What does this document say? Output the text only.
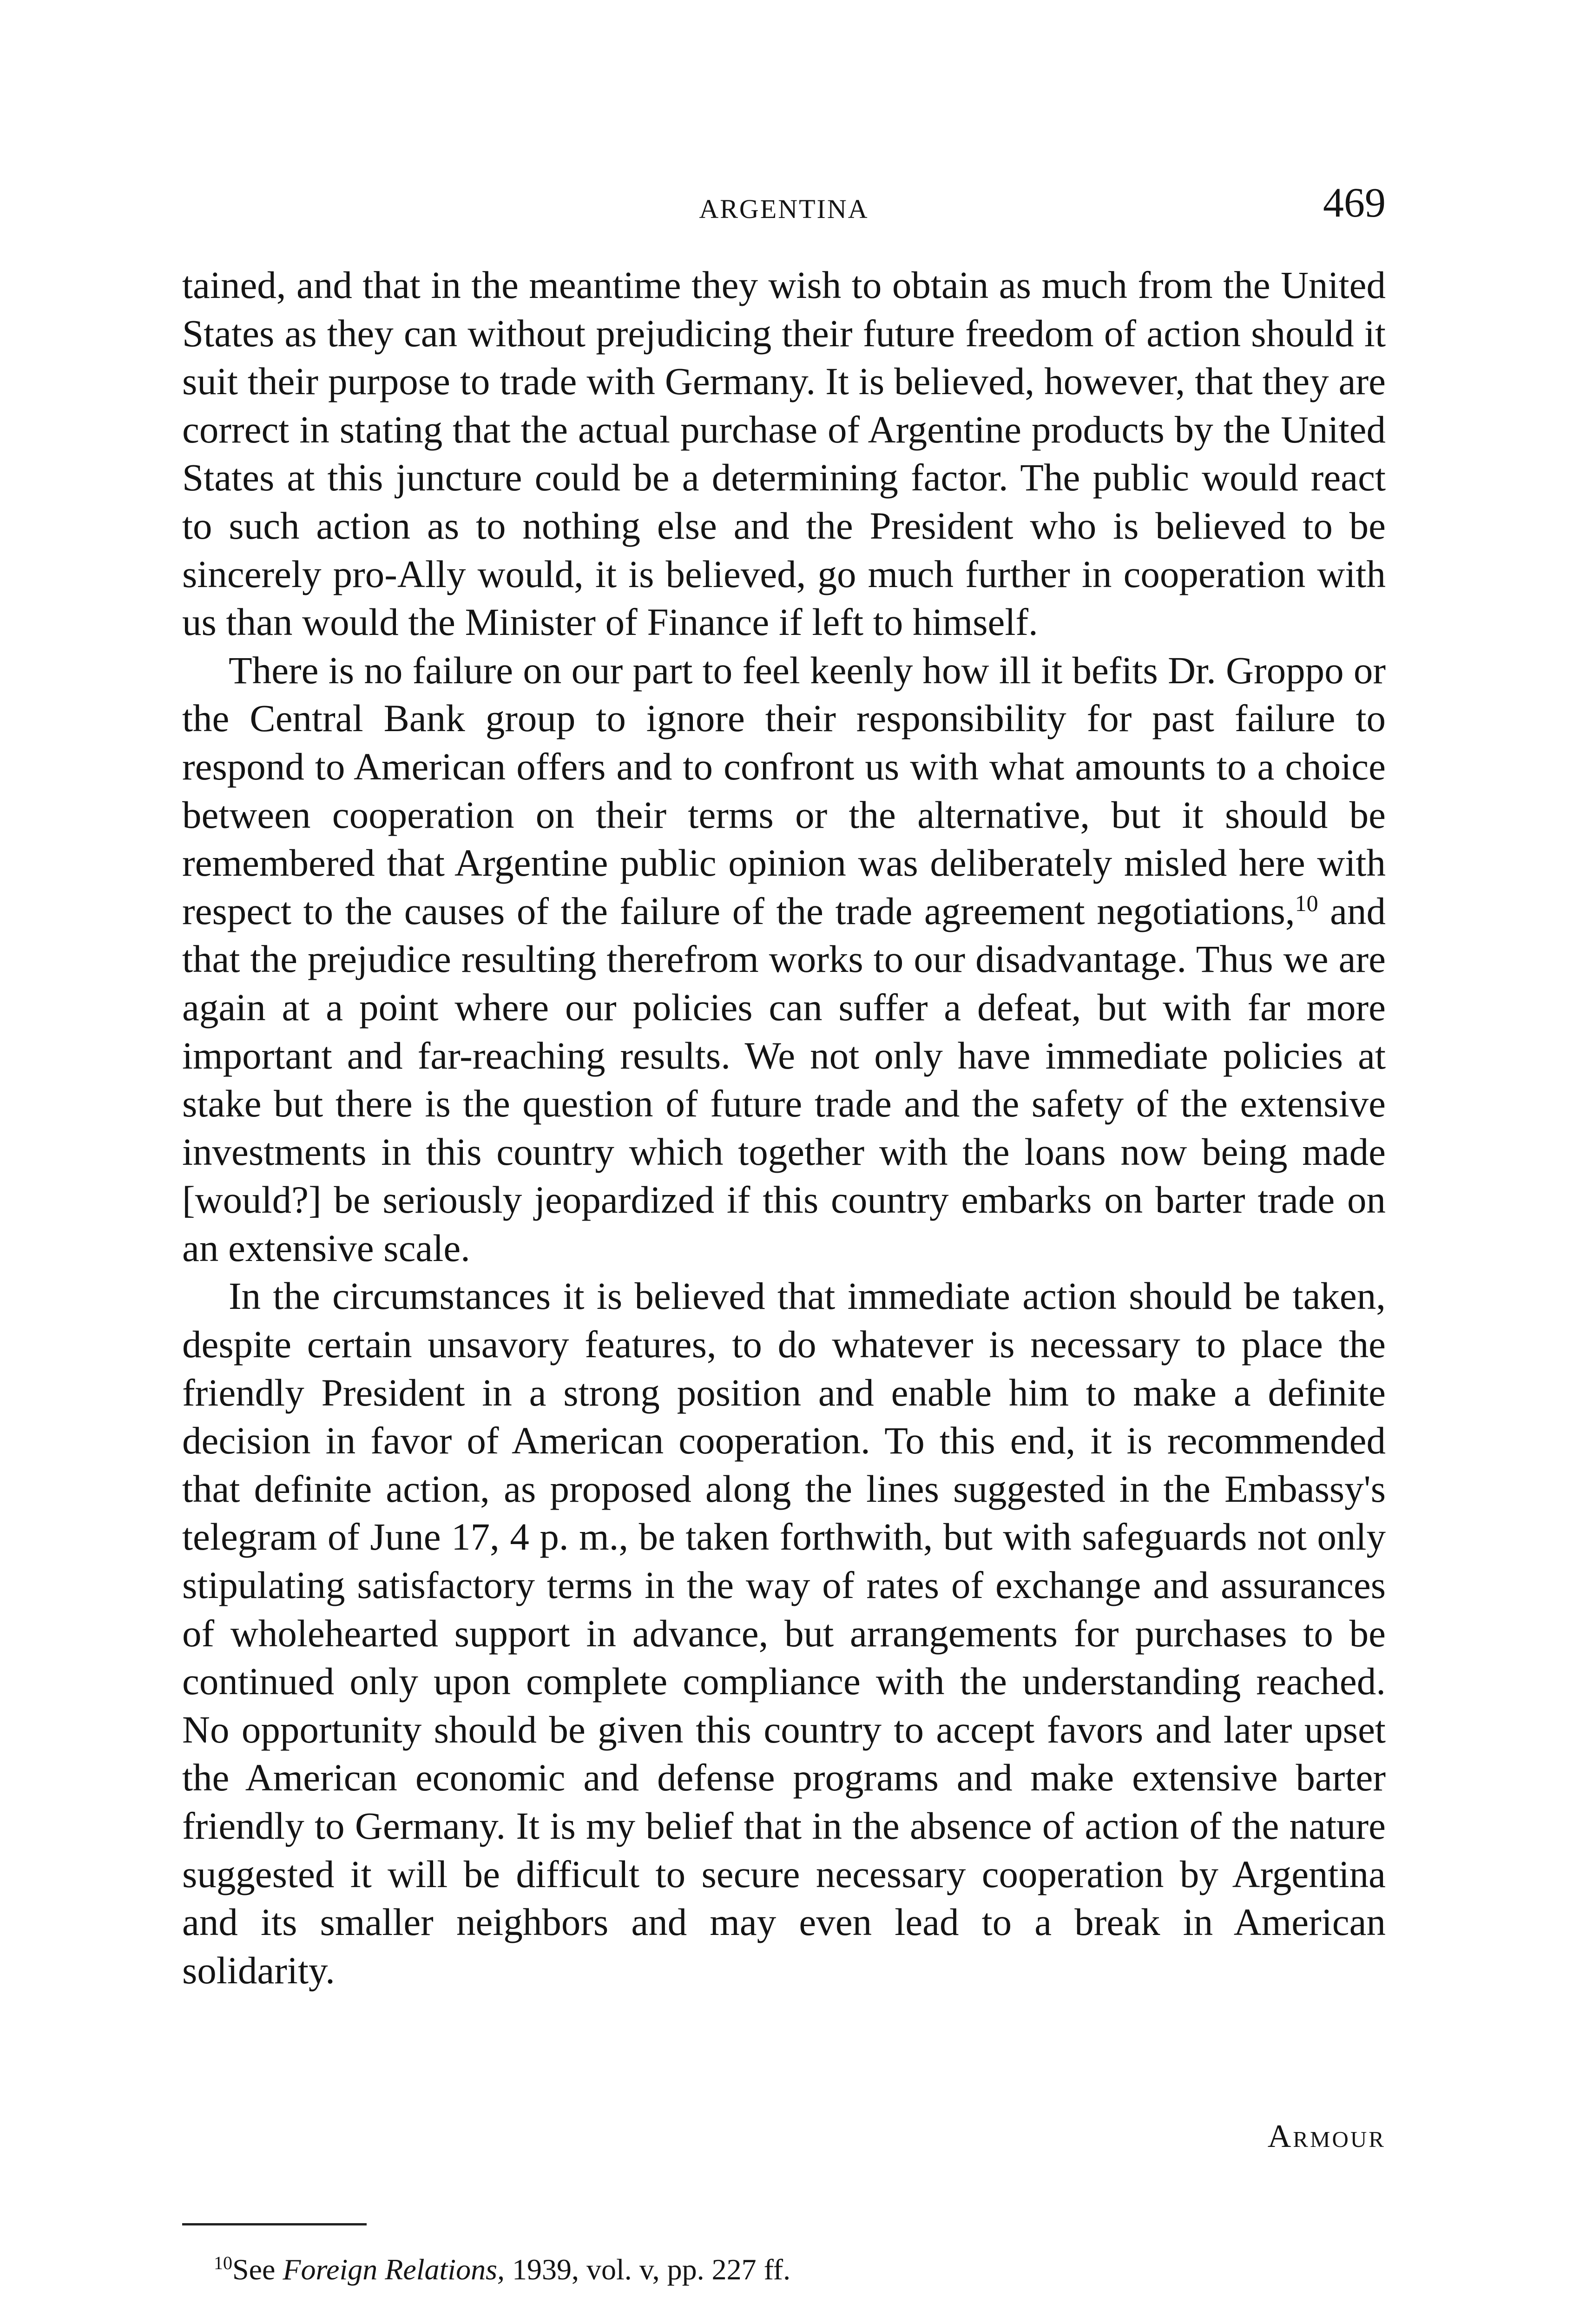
ARGENTINA	469

tained, and that in the meantime they wish to obtain as much from the United States as they can without prejudicing their future freedom of action should it suit their purpose to trade with Germany. It is believed, however, that they are correct in stating that the actual purchase of Argentine products by the United States at this juncture could be a determining factor. The public would react to such action as to nothing else and the President who is believed to be sincerely pro-Ally would, it is believed, go much further in cooperation with us than would the Minister of Finance if left to himself.

There is no failure on our part to feel keenly how ill it befits Dr. Groppo or the Central Bank group to ignore their responsibility for past failure to respond to American offers and to confront us with what amounts to a choice between cooperation on their terms or the alternative, but it should be remembered that Argentine public opinion was deliberately misled here with respect to the causes of the failure of the trade agreement negotiations,$^{10}$ and that the prejudice resulting therefrom works to our disadvantage. Thus we are again at a point where our policies can suffer a defeat, but with far more important and far-reaching results. We not only have immediate policies at stake but there is the question of future trade and the safety of the extensive investments in this country which together with the loans now being made [would?] be seriously jeopardized if this country embarks on barter trade on an extensive scale.

In the circumstances it is believed that immediate action should be taken, despite certain unsavory features, to do whatever is necessary to place the friendly President in a strong position and enable him to make a definite decision in favor of American cooperation. To this end, it is recommended that definite action, as proposed along the lines suggested in the Embassy's telegram of June 17, 4 p. m., be taken forthwith, but with safeguards not only stipulating satisfactory terms in the way of rates of exchange and assurances of wholehearted support in advance, but arrangements for purchases to be continued only upon complete compliance with the understanding reached. No opportunity should be given this country to accept favors and later upset the American economic and defense programs and make extensive barter friendly to Germany. It is my belief that in the absence of action of the nature suggested it will be difficult to secure necessary cooperation by Argentina and its smaller neighbors and may even lead to a break in American solidarity.

Armour
$^{10}$See Foreign Relations, 1939, vol. v, pp. 227 ff.
